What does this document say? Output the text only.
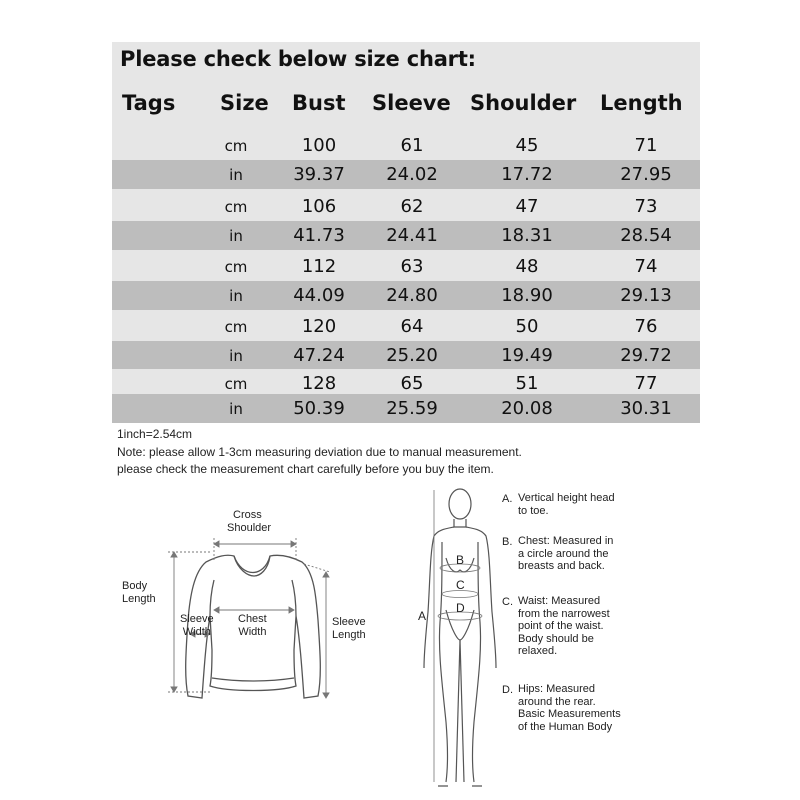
Please check below size chart:
Tags Size Bust Sleeve Shoulder Length
cm	100	61	45	71
in	39.37	24.02	17.72	27.95
cm	106	62	47	73
in	41.73	24.41	18.31	28.54
cm	112	63	48	74
in	44.09	24.80	18.90	29.13
cm	120	64	50	76
in	47.24	25.20	19.49	29.72
cm	128	65	51	77
in	50.39	25.59	20.08	30.31
1inch=2.54cm
Note: please allow 1-3cm measuring deviation due to manual measurement.
please check the measurement chart carefully before you buy the item.
Cross
Shoulder
Body
Length
Sleeve
Width
Chest
Width
Sleeve
Length
A
B
C
D
A. Vertical height head
to toe.
B. Chest: Measured in
a circle around the
breasts and back.
C. Waist: Measured
from the narrowest
point of the waist.
Body should be
relaxed.
D. Hips: Measured
around the rear.
Basic Measurements
of the Human Body
